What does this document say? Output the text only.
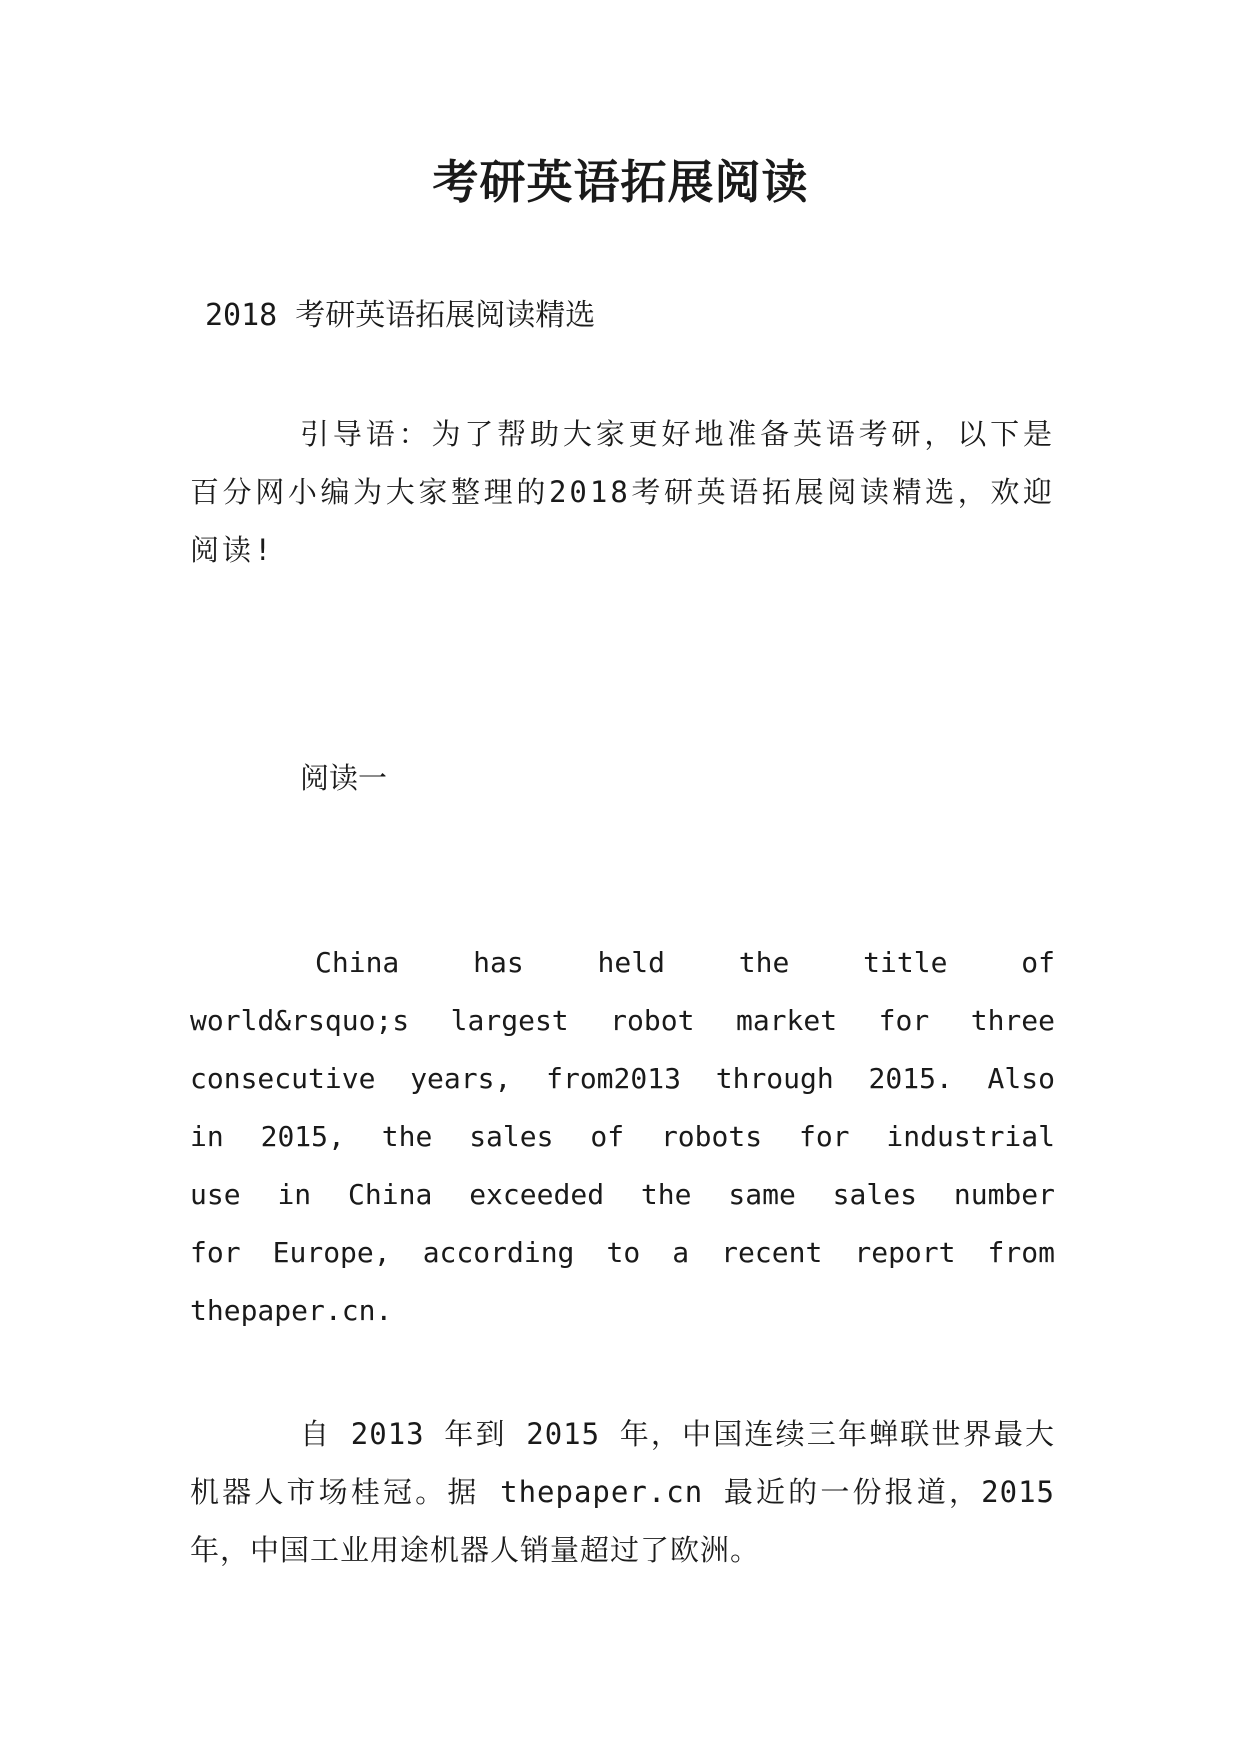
考研英语拓展阅读

2018 考研英语拓展阅读精选

引导语：为了帮助大家更好地准备英语考研，以下是百分网小编为大家整理的2018考研英语拓展阅读精选，欢迎阅读!

阅读一

China has held the title of world&rsquo;s largest robot market for three consecutive years, from2013 through 2015. Also in 2015, the sales of robots for industrial use in China exceeded the same sales number for Europe, according to a recent report from thepaper.cn.

自 2013 年到 2015 年，中国连续三年蝉联世界最大机器人市场桂冠。据 thepaper.cn 最近的一份报道，2015 年，中国工业用途机器人销量超过了欧洲。
